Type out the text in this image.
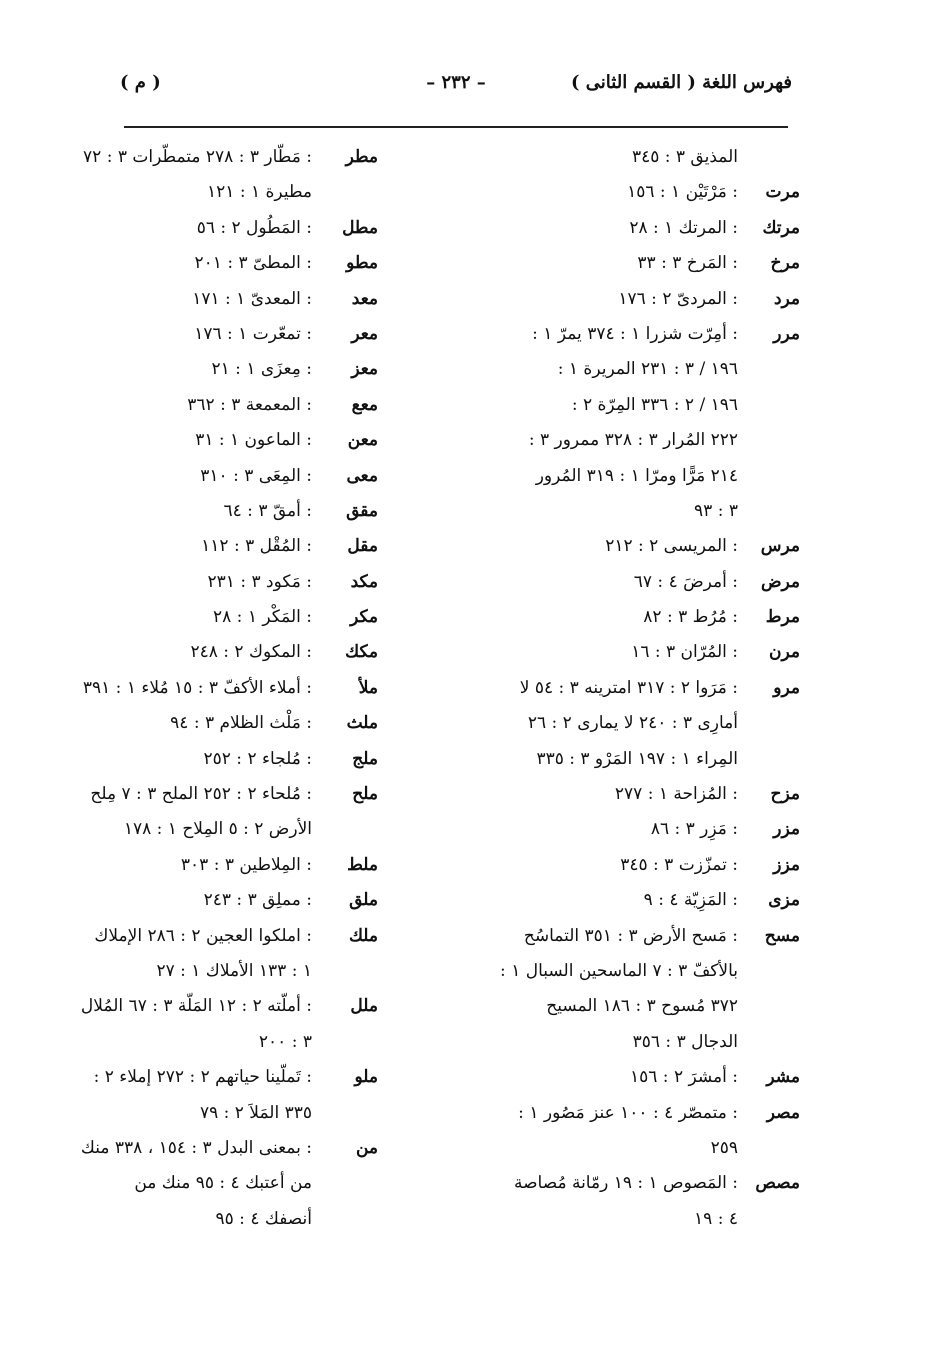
فهرس اللغة ( القسم الثانى )
– ٢٣٢ –
( م )
المذيق ٣ : ٣٤٥
مرت
: مَرْتَيْن ١ : ١٥٦
مرتك
: المرتك ١ : ٢٨
مرخ
: المَرخ ٣ : ٣٣
مرد
: المردىّ ٢ : ١٧٦
مرر
: أمِرّت شزرا ١ : ٣٧٤ يمرّ ١ :
١٩٦ / ٣ : ٢٣١ المريرة ١ :
١٩٦ / ٢ : ٣٣٦ المِرّة ٢ :
٢٢٢ المُرار ٣ : ٣٢٨ ممرور ٣ :
٢١٤ مَرًّا ومرّا ١ : ٣١٩ المُرور
٣ : ٩٣
مرس
: المريسى ٢ : ٢١٢
مرض
: أمرضَ ٤ : ٦٧
مرط
: مُرُط ٣ : ٨٢
مرن
: المُرّان ٣ : ١٦
مرو
: مَرَوا ٢ : ٣١٧ امترينه ٣ : ٥٤ لا
أمارِى ٣ : ٢٤٠ لا يمارى ٢ : ٢٦
المِراء ١ : ١٩٧ المَرْو ٣ : ٣٣٥
مزح
: المُزاحة ١ : ٢٧٧
مزر
: مَزِر ٣ : ٨٦
مزز
: تمزّزت ٣ : ٣٤٥
مزى
: المَزِيّة ٤ : ٩
مسح
: مَسح الأرض ٣ : ٣٥١ التماسُح
بالأكفّ ٣ : ٧ الماسحين السبال ١ :
٣٧٢ مُسوح ٣ : ١٨٦ المسيح
الدجال ٣ : ٣٥٦
مشر
: أمشرَ ٢ : ١٥٦
مصر
: متمصّر ٤ : ١٠٠ عنز مَصُور ١ :
٢٥٩
مصص
: المَصوص ١ : ١٩ رمّانة مُصاصة
٤ : ١٩
مطر
: مَطّار ٣ : ٢٧٨ متمطّرات ٣ : ٧٢
مطيرة ١ : ١٢١
مطل
: المَطُول ٢ : ٥٦
مطو
: المطىّ ٣ : ٢٠١
معد
: المعدىّ ١ : ١٧١
معر
: تمعّرت ١ : ١٧٦
معز
: مِعزَى ١ : ٢١
معع
: المعمعة ٣ : ٣٦٢
معن
: الماعون ١ : ٣١
معى
: المِعَى ٣ : ٣١٠
مقق
: أمقّ ٣ : ٦٤
مقل
: المُقْل ٣ : ١١٢
مكد
: مَكود ٣ : ٢٣١
مكر
: المَكْر ١ : ٢٨
مكك
: المكوك ٢ : ٢٤٨
ملأ
: أملاء الأكفّ ٣ : ١٥ مُلاء ١ : ٣٩١
ملث
: مَلْث الظلام ٣ : ٩٤
ملج
: مُلجاء ٢ : ٢٥٢
ملح
: مُلحاء ٢ : ٢٥٢ الملح ٣ : ٧ مِلح
الأرض ٢ : ٥ المِلاح ١ : ١٧٨
ملط
: المِلاطين ٣ : ٣٠٣
ملق
: مملِق ٣ : ٢٤٣
ملك
: املكوا العجين ٢ : ٢٨٦ الإملاك
١ : ١٣٣ الأملاك ١ : ٢٧
ملل
: أملّته ٢ : ١٢ المَلّة ٣ : ٦٧ المُلال
٣ : ٢٠٠
ملو
: تَملّينا حياتهم ٢ : ٢٧٢ إملاء ٢ :
٣٣٥ المَلاَ ٢ : ٧٩
من
: بمعنى البدل ٣ : ١٥٤ ، ٣٣٨ منك
من أعتبك ٤ : ٩٥ منك من
أنصفك ٤ : ٩٥
